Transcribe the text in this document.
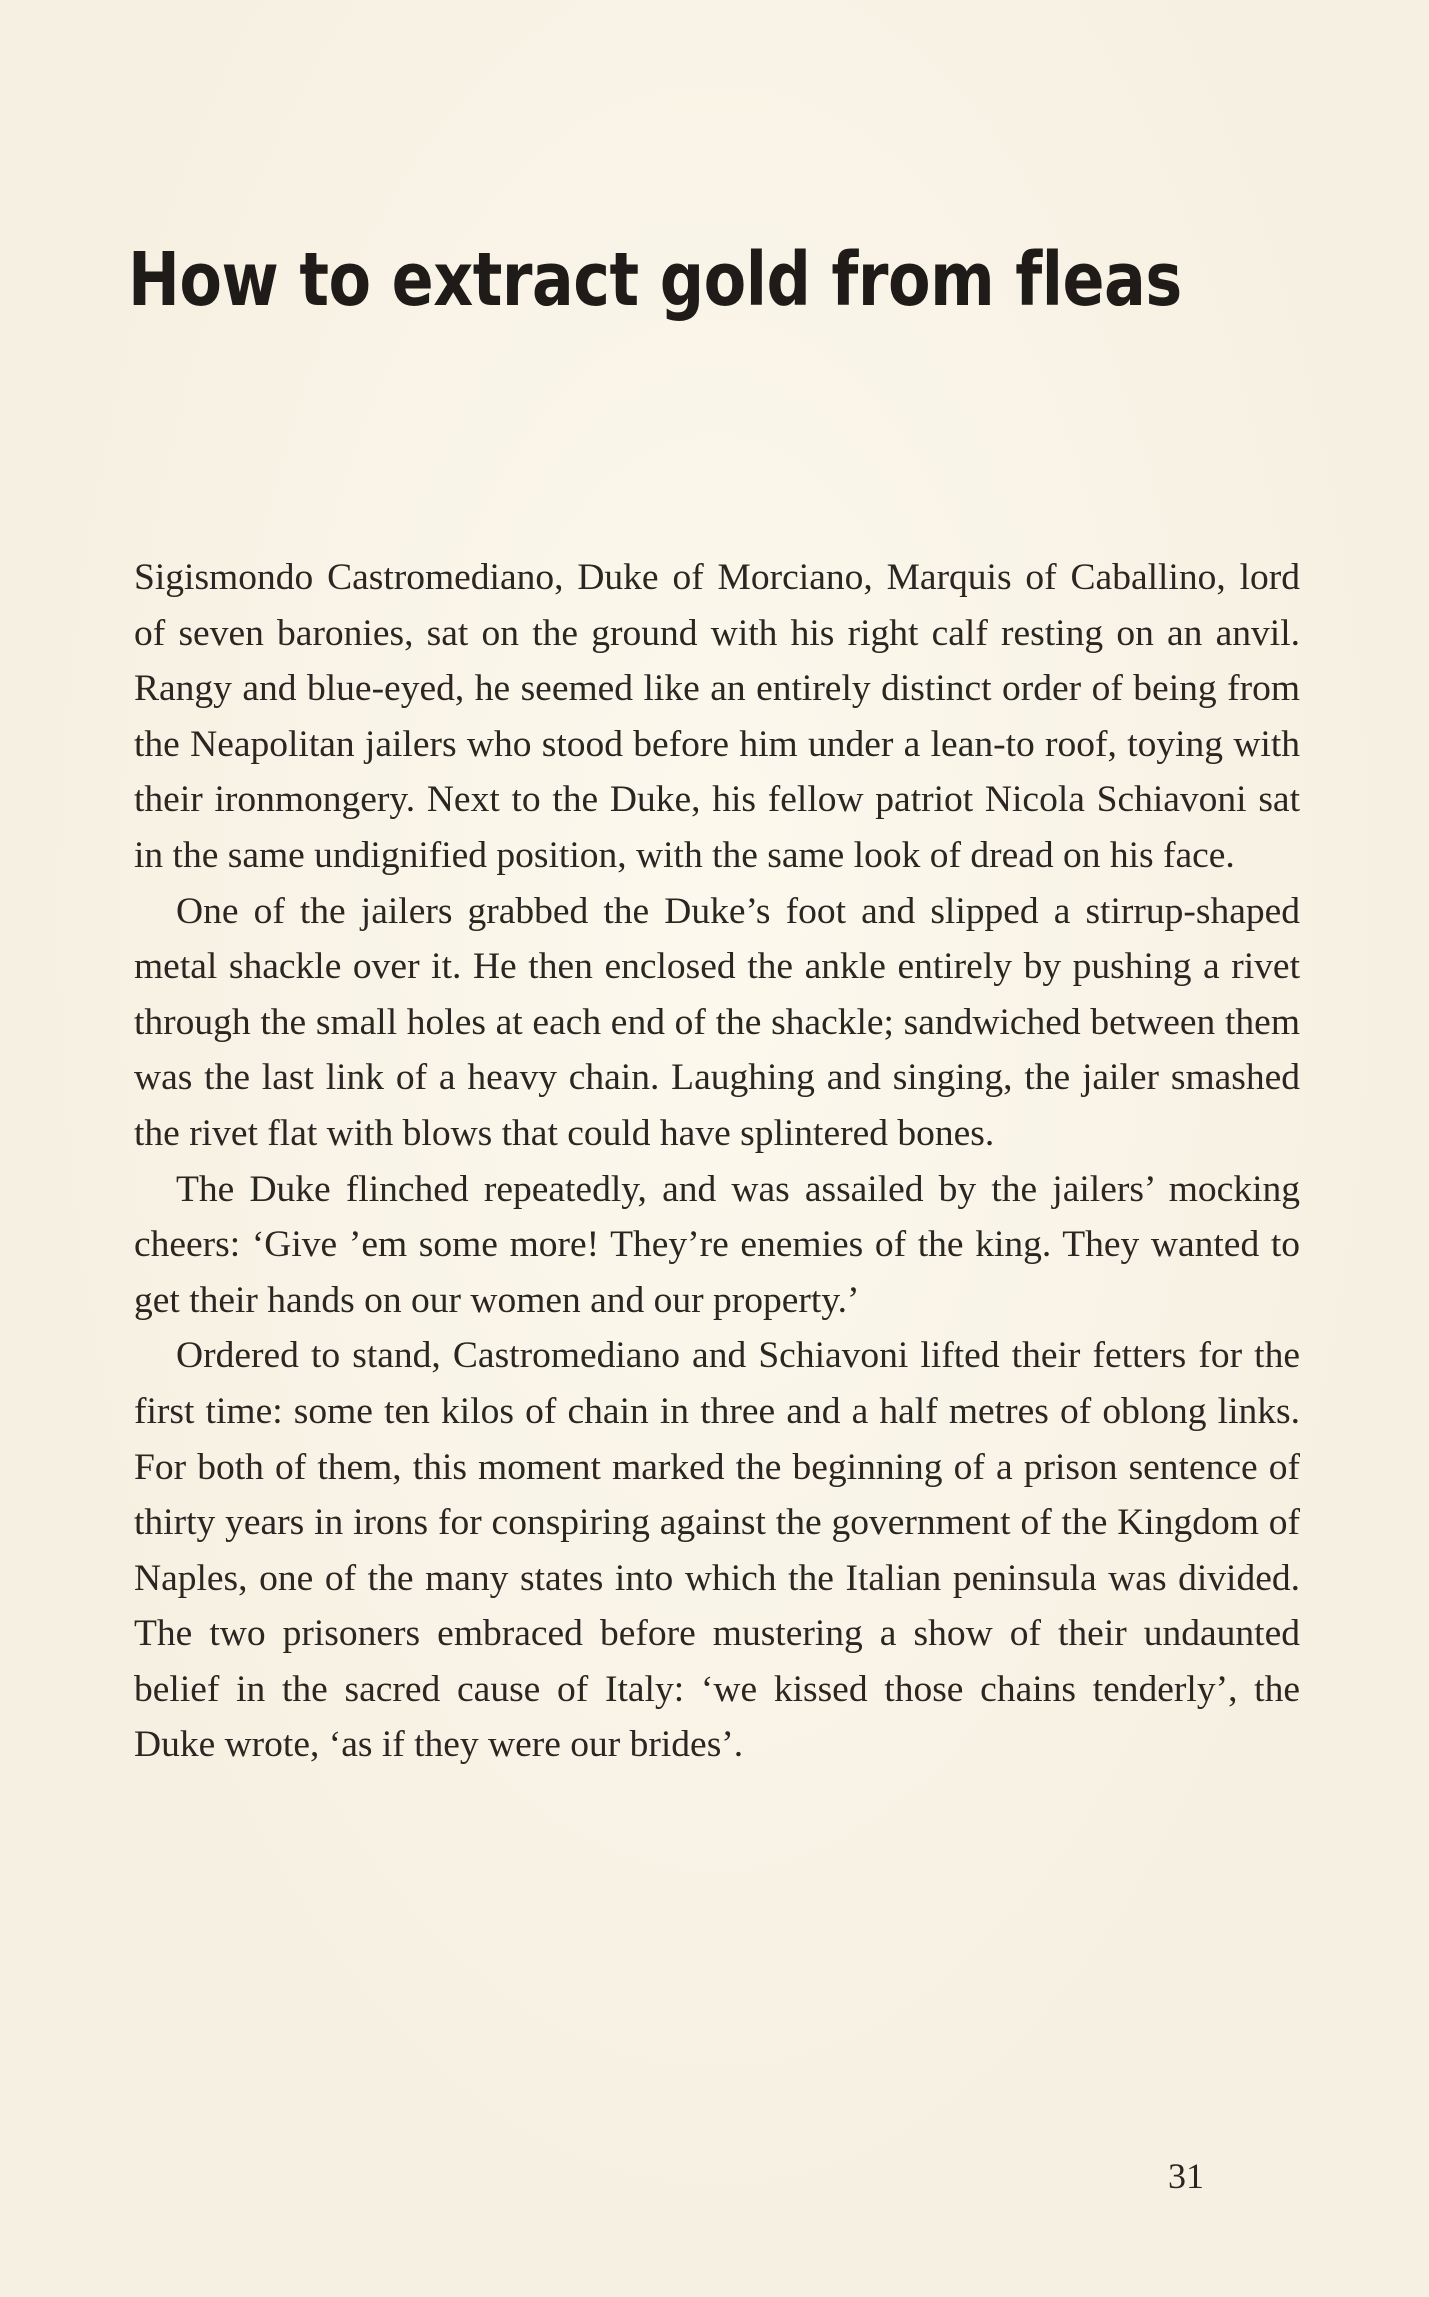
How to extract gold from fleas

Sigismondo Castromediano, Duke of Morciano, Marquis of Caballino, lord of seven baronies, sat on the ground with his right calf resting on an anvil. Rangy and blue-eyed, he seemed like an entirely distinct order of being from the Neapolitan jailers who stood before him under a lean-to roof, toying with their ironmongery. Next to the Duke, his fellow patriot Nicola Schiavoni sat in the same undignified position, with the same look of dread on his face.

One of the jailers grabbed the Duke’s foot and slipped a stirrup-shaped metal shackle over it. He then enclosed the ankle entirely by pushing a rivet through the small holes at each end of the shackle; sandwiched between them was the last link of a heavy chain. Laughing and singing, the jailer smashed the rivet flat with blows that could have splintered bones.

The Duke flinched repeatedly, and was assailed by the jailers’ mocking cheers: ‘Give ’em some more! They’re enemies of the king. They wanted to get their hands on our women and our property.’

Ordered to stand, Castromediano and Schiavoni lifted their fetters for the first time: some ten kilos of chain in three and a half metres of oblong links. For both of them, this moment marked the beginning of a prison sentence of thirty years in irons for conspiring against the government of the Kingdom of Naples, one of the many states into which the Italian peninsula was divided. The two prisoners embraced before mustering a show of their undaunted belief in the sacred cause of Italy: ‘we kissed those chains tenderly’, the Duke wrote, ‘as if they were our brides’.

31
